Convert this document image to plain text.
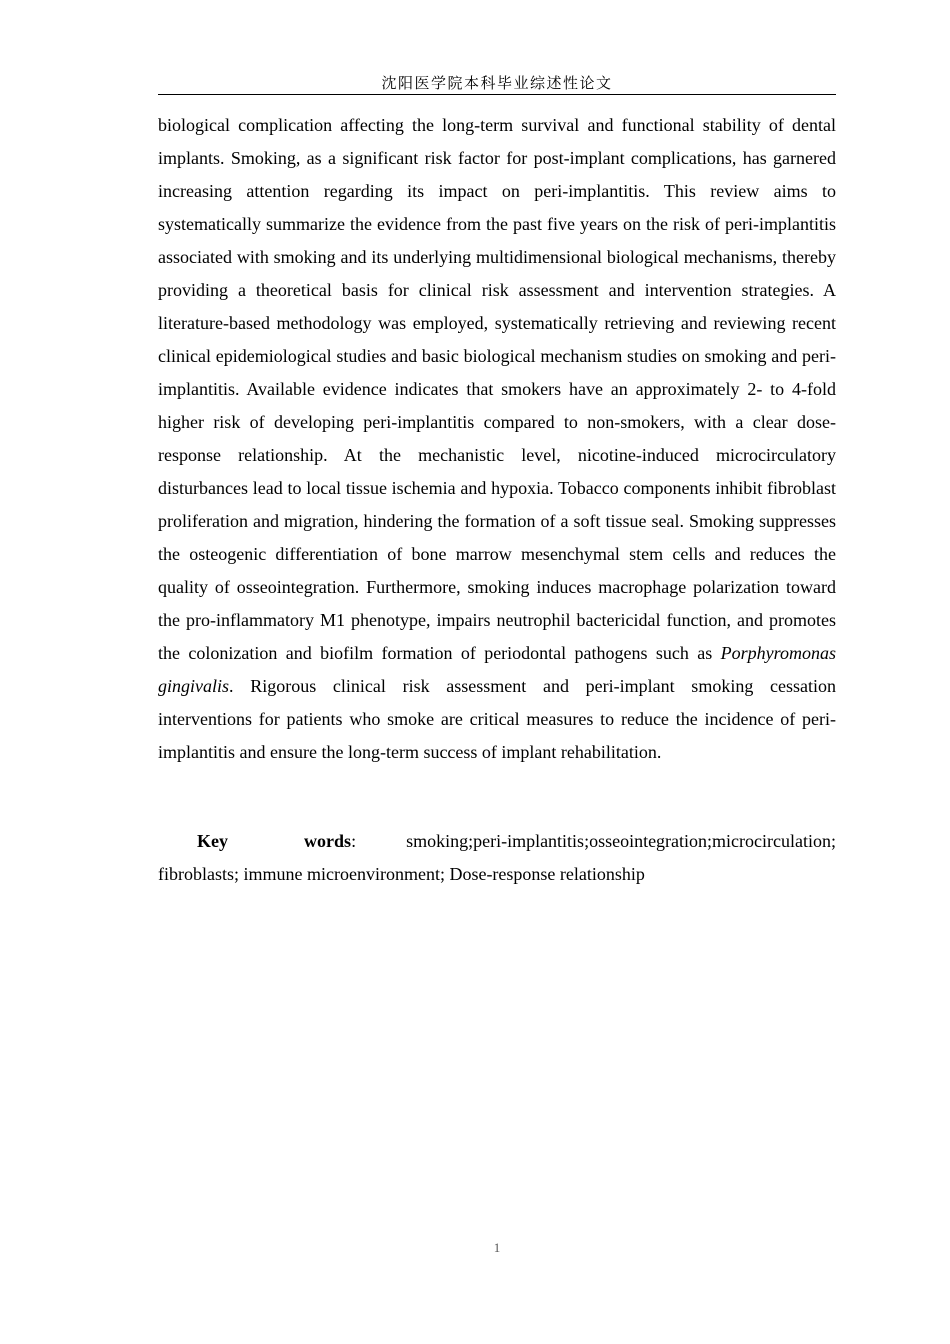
沈阳医学院本科毕业综述性论文

biological complication affecting the long-term survival and functional stability of dental implants. Smoking, as a significant risk factor for post-implant complications, has garnered increasing attention regarding its impact on peri-implantitis. This review aims to systematically summarize the evidence from the past five years on the risk of peri-implantitis associated with smoking and its underlying multidimensional biological mechanisms, thereby providing a theoretical basis for clinical risk assessment and intervention strategies. A literature-based methodology was employed, systematically retrieving and reviewing recent clinical epidemiological studies and basic biological mechanism studies on smoking and peri-implantitis. Available evidence indicates that smokers have an approximately 2- to 4-fold higher risk of developing peri-implantitis compared to non-smokers, with a clear dose-response relationship. At the mechanistic level, nicotine-induced microcirculatory disturbances lead to local tissue ischemia and hypoxia. Tobacco components inhibit fibroblast proliferation and migration, hindering the formation of a soft tissue seal. Smoking suppresses the osteogenic differentiation of bone marrow mesenchymal stem cells and reduces the quality of osseointegration. Furthermore, smoking induces macrophage polarization toward the pro-inflammatory M1 phenotype, impairs neutrophil bactericidal function, and promotes the colonization and biofilm formation of periodontal pathogens such as Porphyromonas gingivalis. Rigorous clinical risk assessment and peri-implant smoking cessation interventions for patients who smoke are critical measures to reduce the incidence of peri-implantitis and ensure the long-term success of implant rehabilitation.

Key words:	smoking;peri-implantitis;osseointegration;microcirculation; fibroblasts; immune microenvironment; Dose-response relationship

1
